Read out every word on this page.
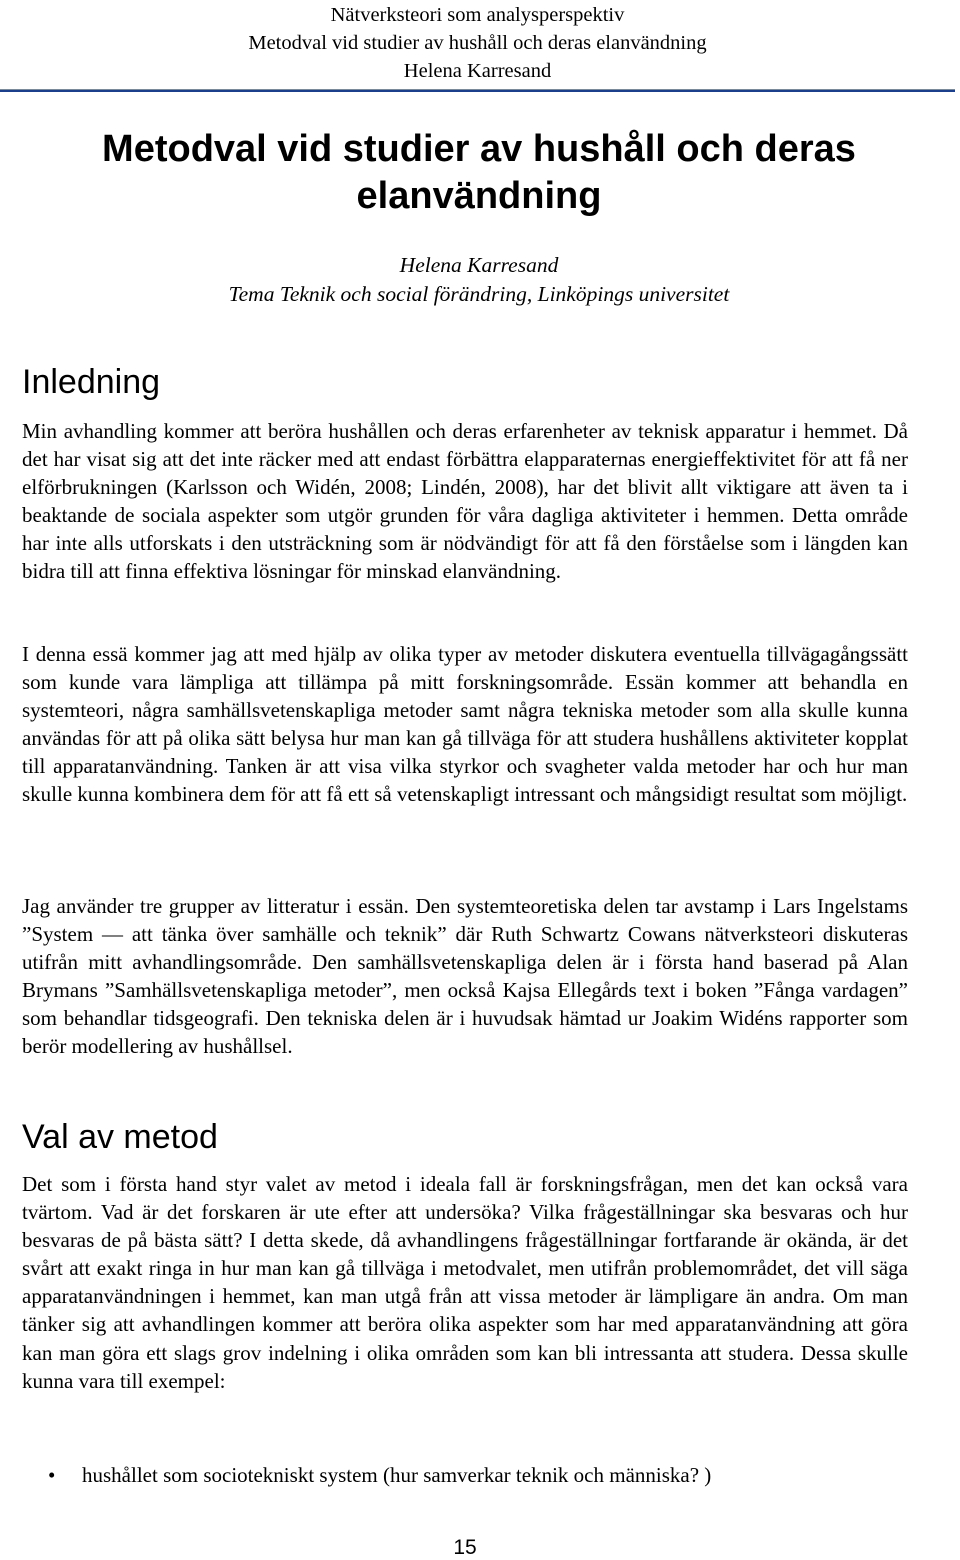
Nätverksteori som analysperspektiv
Metodval vid studier av hushåll och deras elanvändning
Helena Karresand
Metodval vid studier av hushåll och deras
elanvändning
Helena Karresand
Tema Teknik och social förändring, Linköpings universitet
Inledning

Min avhandling kommer att beröra hushållen och deras erfarenheter av teknisk apparatur i hemmet. Då det har visat sig att det inte räcker med att endast förbättra elapparaternas energieffektivitet för att få ner elförbrukningen (Karlsson och Widén, 2008; Lindén, 2008), har det blivit allt viktigare att även ta i beaktande de sociala aspekter som utgör grunden för våra dagliga aktiviteter i hemmen. Detta område har inte alls utforskats i den utsträckning som är nödvändigt för att få den förståelse som i längden kan bidra till att finna effektiva lösningar för minskad elanvändning.

I denna essä kommer jag att med hjälp av olika typer av metoder diskutera eventuella tillvägagångssätt som kunde vara lämpliga att tillämpa på mitt forskningsområde. Essän kommer att behandla en systemteori, några samhällsvetenskapliga metoder samt några tekniska metoder som alla skulle kunna användas för att på olika sätt belysa hur man kan gå tillväga för att studera hushållens aktiviteter kopplat till apparatanvändning. Tanken är att visa vilka styrkor och svagheter valda metoder har och hur man skulle kunna kombinera dem för att få ett så vetenskapligt intressant och mångsidigt resultat som möjligt.

Jag använder tre grupper av litteratur i essän. Den systemteoretiska delen tar avstamp i Lars Ingelstams ”System — att tänka över samhälle och teknik” där Ruth Schwartz Cowans nätverksteori diskuteras utifrån mitt avhandlingsområde. Den samhällsvetenskapliga delen är i första hand baserad på Alan Brymans ”Samhällsvetenskapliga metoder”, men också Kajsa Ellegårds text i boken ”Fånga vardagen” som behandlar tidsgeografi. Den tekniska delen är i huvudsak hämtad ur Joakim Widéns rapporter som berör modellering av hushållsel.

Val av metod

Det som i första hand styr valet av metod i ideala fall är forskningsfrågan, men det kan också vara tvärtom. Vad är det forskaren är ute efter att undersöka? Vilka frågeställningar ska besvaras och hur besvaras de på bästa sätt? I detta skede, då avhandlingens frågeställningar fortfarande är okända, är det svårt att exakt ringa in hur man kan gå tillväga i metodvalet, men utifrån problemområdet, det vill säga apparatanvändningen i hemmet, kan man utgå från att vissa metoder är lämpligare än andra. Om man tänker sig att avhandlingen kommer att beröra olika aspekter som har med apparatanvändning att göra kan man göra ett slags grov indelning i olika områden som kan bli intressanta att studera. Dessa skulle kunna vara till exempel:

• hushållet som sociotekniskt system (hur samverkar teknik och människa? )
15
